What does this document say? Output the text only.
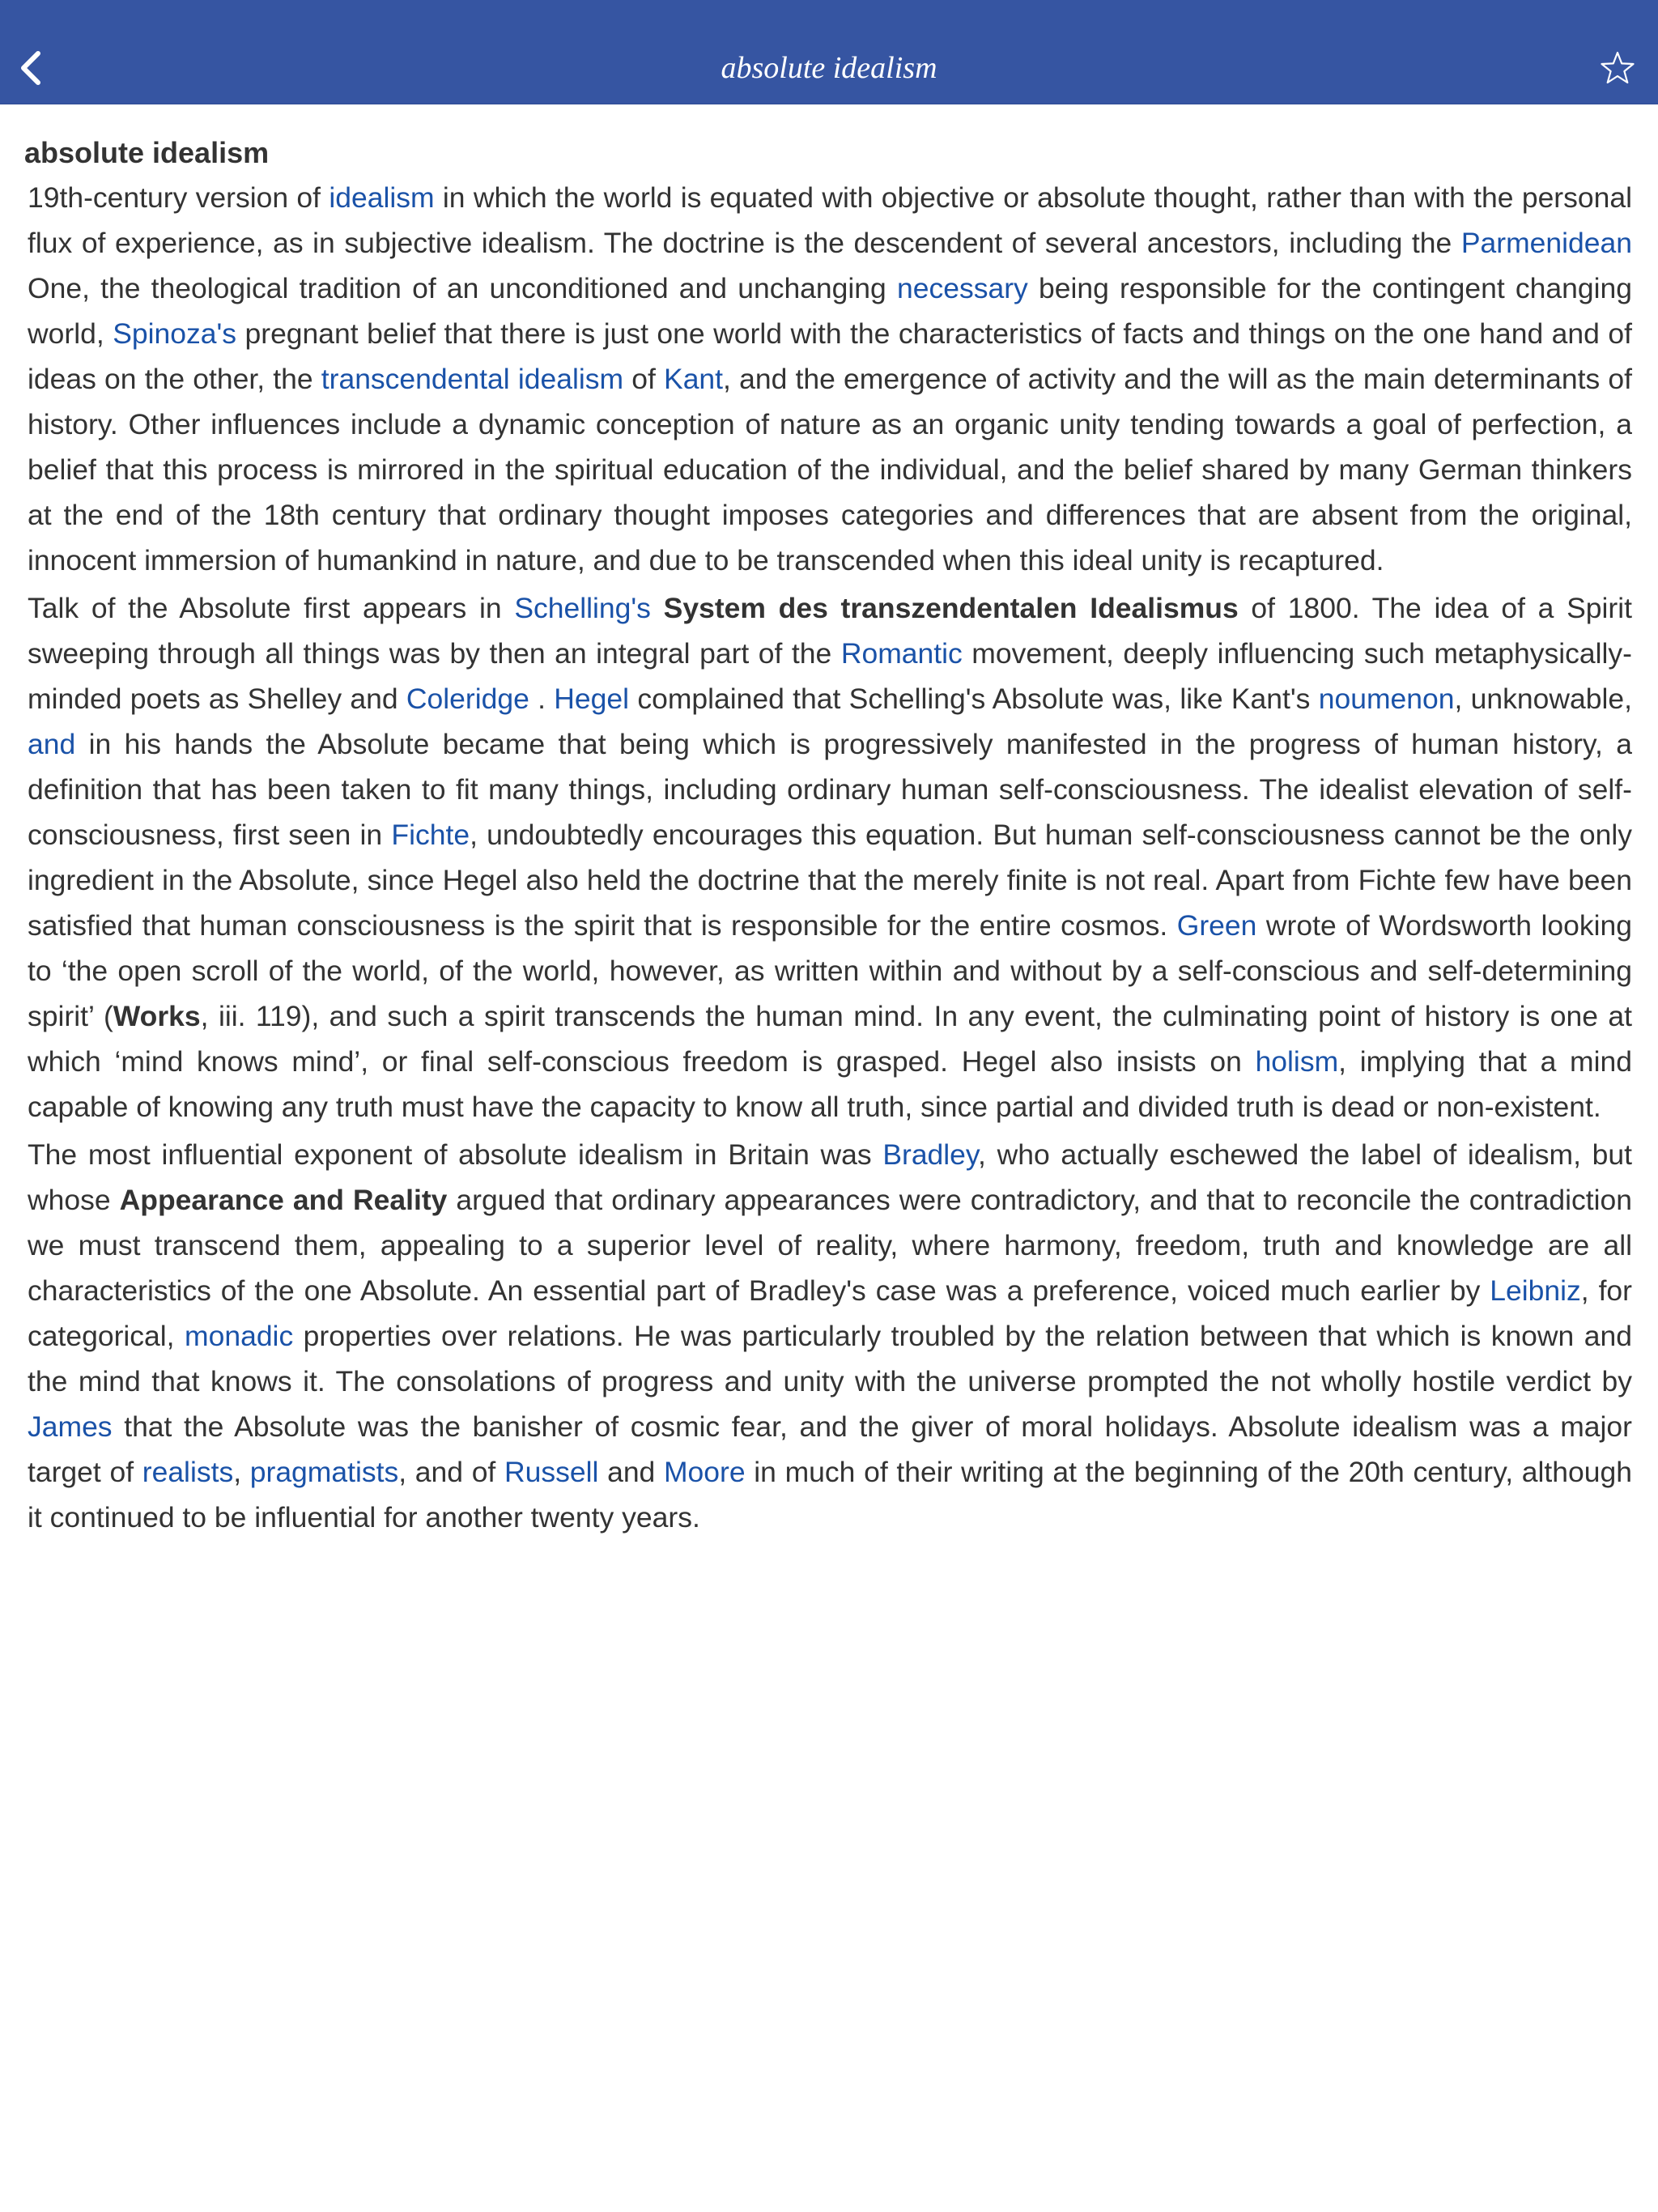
absolute idealism
absolute idealism
19th-century version of idealism in which the world is equated with objective or absolute thought, rather than with the personal flux of experience, as in subjective idealism. The doctrine is the descendent of several ancestors, including the Parmenidean One, the theological tradition of an unconditioned and unchanging necessary being responsible for the contingent changing world, Spinoza's pregnant belief that there is just one world with the characteristics of facts and things on the one hand and of ideas on the other, the transcendental idealism of Kant, and the emergence of activity and the will as the main determinants of history. Other influences include a dynamic conception of nature as an organic unity tending towards a goal of perfection, a belief that this process is mirrored in the spiritual education of the individual, and the belief shared by many German thinkers at the end of the 18th century that ordinary thought imposes categories and differences that are absent from the original, innocent immersion of humankind in nature, and due to be transcended when this ideal unity is recaptured.
Talk of the Absolute first appears in Schelling's System des transzendentalen Idealismus of 1800. The idea of a Spirit sweeping through all things was by then an integral part of the Romantic movement, deeply influencing such metaphysically-minded poets as Shelley and Coleridge . Hegel complained that Schelling's Absolute was, like Kant's noumenon, unknowable, and in his hands the Absolute became that being which is progressively manifested in the progress of human history, a definition that has been taken to fit many things, including ordinary human self-consciousness. The idealist elevation of self-consciousness, first seen in Fichte, undoubtedly encourages this equation. But human self-consciousness cannot be the only ingredient in the Absolute, since Hegel also held the doctrine that the merely finite is not real. Apart from Fichte few have been satisfied that human consciousness is the spirit that is responsible for the entire cosmos. Green wrote of Wordsworth looking to ‘the open scroll of the world, of the world, however, as written within and without by a self-conscious and self-determining spirit’ (Works, iii. 119), and such a spirit transcends the human mind. In any event, the culminating point of history is one at which ‘mind knows mind’, or final self-conscious freedom is grasped. Hegel also insists on holism, implying that a mind capable of knowing any truth must have the capacity to know all truth, since partial and divided truth is dead or non-existent.
The most influential exponent of absolute idealism in Britain was Bradley, who actually eschewed the label of idealism, but whose Appearance and Reality argued that ordinary appearances were contradictory, and that to reconcile the contradiction we must transcend them, appealing to a superior level of reality, where harmony, freedom, truth and knowledge are all characteristics of the one Absolute. An essential part of Bradley's case was a preference, voiced much earlier by Leibniz, for categorical, monadic properties over relations. He was particularly troubled by the relation between that which is known and the mind that knows it. The consolations of progress and unity with the universe prompted the not wholly hostile verdict by James that the Absolute was the banisher of cosmic fear, and the giver of moral holidays. Absolute idealism was a major target of realists, pragmatists, and of Russell and Moore in much of their writing at the beginning of the 20th century, although it continued to be influential for another twenty years.
